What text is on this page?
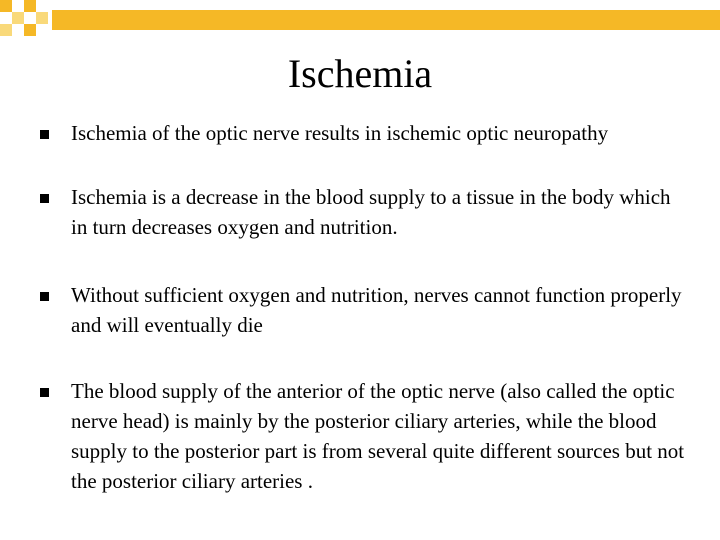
Ischemia
Ischemia of the optic nerve results in ischemic optic neuropathy
Ischemia is a decrease in the blood supply to a tissue in the body which in turn decreases oxygen and nutrition.
Without sufficient oxygen and nutrition, nerves cannot function properly and will eventually die
The blood supply of the anterior of the optic nerve (also called the optic nerve head) is mainly by the posterior ciliary arteries, while the blood supply to the posterior part is from several quite different sources but not the posterior ciliary arteries .
